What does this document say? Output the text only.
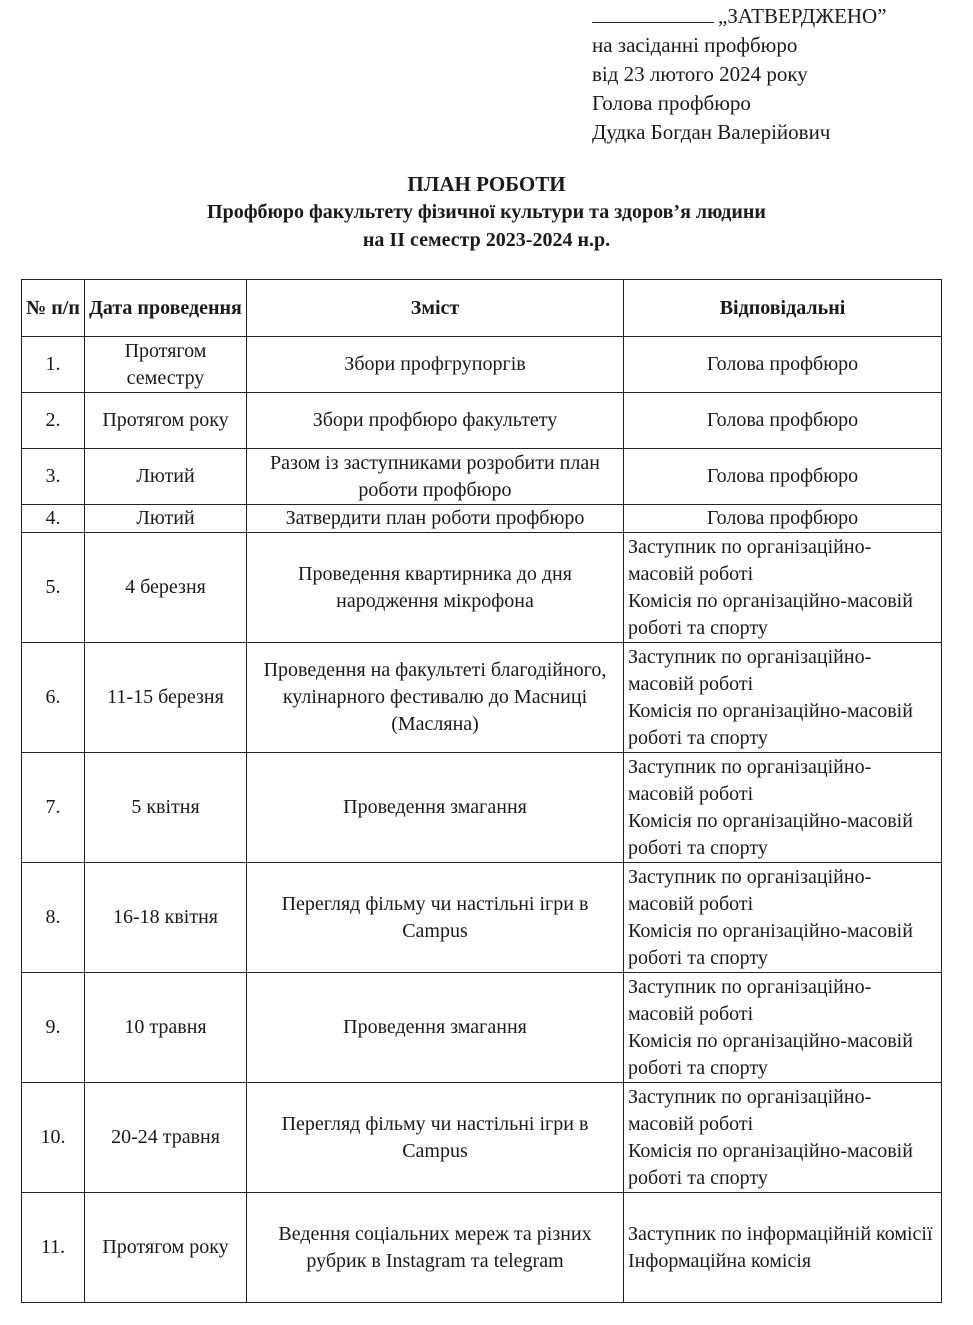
„ЗАТВЕРДЖЕНО”
на засіданні профбюро
від 23 лютого 2024 року
Голова профбюро
Дудка Богдан Валерійович
ПЛАН РОБОТИ
Профбюро факультету фізичної культури та здоров’я людини
на ІІ семестр 2023-2024 н.р.
№ п/п	Дата проведення	Зміст	Відповідальні
1.	Протягом семестру	Збори профгрупоргів	Голова профбюро

2.	Протягом року	Збори профбюро факультету	Голова профбюро

3.	Лютий	Разом із заступниками розробити план роботи профбюро	Голова профбюро

4.	Лютий	Затвердити план роботи профбюро	Голова профбюро

5.	4 березня	Проведення квартирника до дня народження мікрофона	Заступник по організаційно-масовій роботі
Комісія по організаційно-масовій роботі та спорту

6.	11-15 березня	Проведення на факультеті благодійного, кулінарного фестивалю до Масниці (Масляна)	Заступник по організаційно-масовій роботі
Комісія по організаційно-масовій роботі та спорту

7.	5 квітня	Проведення змагання	Заступник по організаційно-масовій роботі
Комісія по організаційно-масовій роботі та спорту

8.	16-18 квітня	Перегляд фільму чи настільні ігри в Campus	Заступник по організаційно-масовій роботі
Комісія по організаційно-масовій роботі та спорту

9.	10 травня	Проведення змагання	Заступник по організаційно-масовій роботі
Комісія по організаційно-масовій роботі та спорту

10.	20-24 травня	Перегляд фільму чи настільні ігри в Campus	Заступник по організаційно-масовій роботі
Комісія по організаційно-масовій роботі та спорту

11.	Протягом року	Ведення соціальних мереж та різних рубрик в Instagram та telegram	Заступник по інформаційній комісії
Інформаційна комісія
